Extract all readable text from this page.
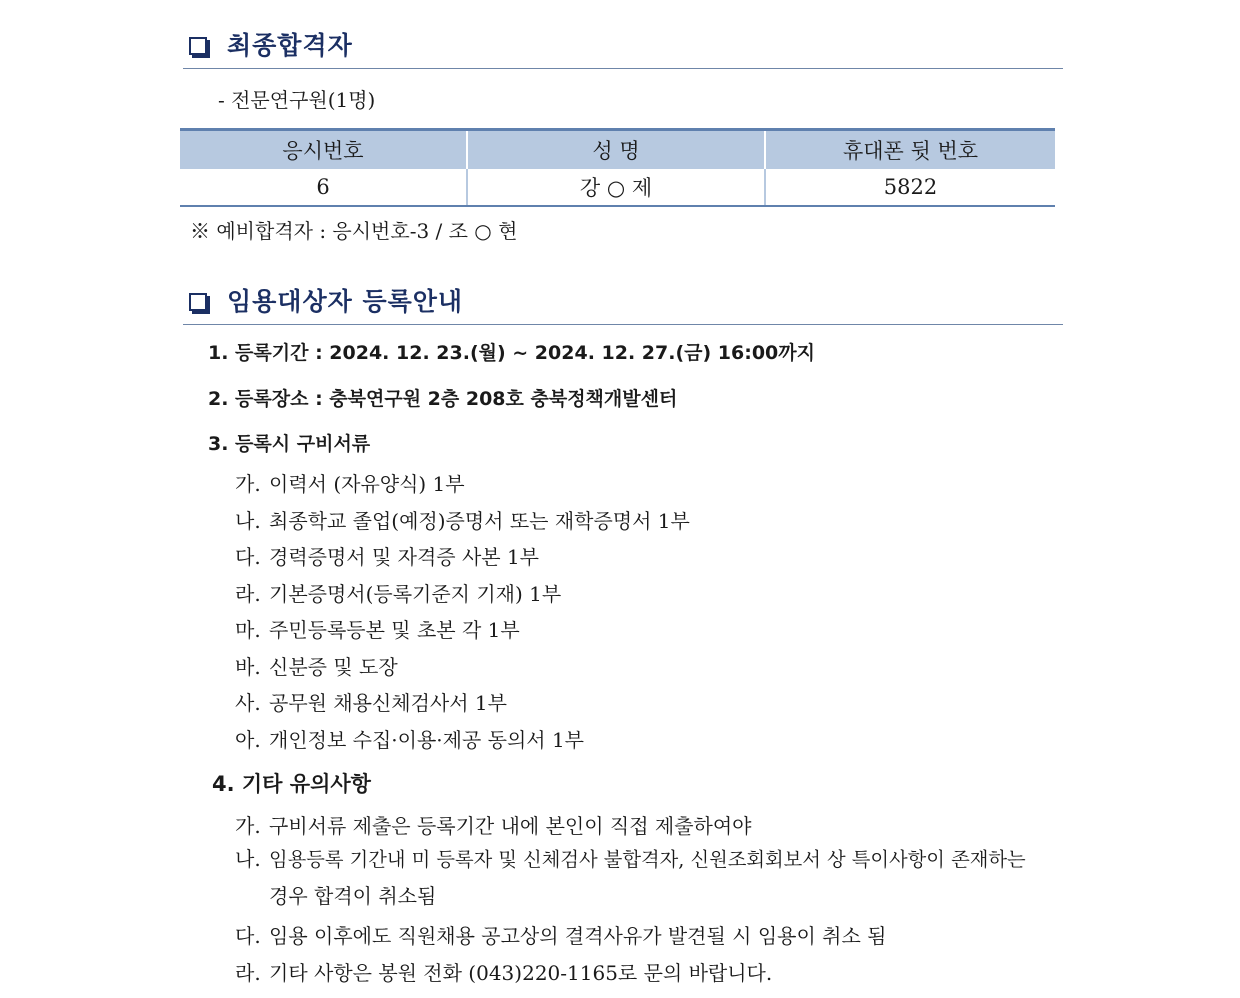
최종합격자
- 전문연구원(1명)
응시번호	성 명	휴대폰 뒷 번호
6	강 ○ 제	5822
※ 예비합격자 : 응시번호-3 / 조 ○ 현
임용대상자 등록안내
1. 등록기간 : 2024. 12. 23.(월) ~ 2024. 12. 27.(금) 16:00까지
2. 등록장소 : 충북연구원 2층 208호 충북정책개발센터
3. 등록시 구비서류
가. 이력서 (자유양식) 1부
나. 최종학교 졸업(예정)증명서 또는 재학증명서 1부
다. 경력증명서 및 자격증 사본 1부
라. 기본증명서(등록기준지 기재) 1부
마. 주민등록등본 및 초본 각 1부
바. 신분증 및 도장
사. 공무원 채용신체검사서 1부
아. 개인정보 수집·이용·제공 동의서 1부
4. 기타 유의사항
가. 구비서류 제출은 등록기간 내에 본인이 직접 제출하여야
나. 임용등록 기간내 미 등록자 및 신체검사 불합격자, 신원조회회보서 상 특이사항이 존재하는
경우 합격이 취소됨
다. 임용 이후에도 직원채용 공고상의 결격사유가 발견될 시 임용이 취소 됨
라. 기타 사항은 봉원 전화 (043)220-1165로 문의 바랍니다.
